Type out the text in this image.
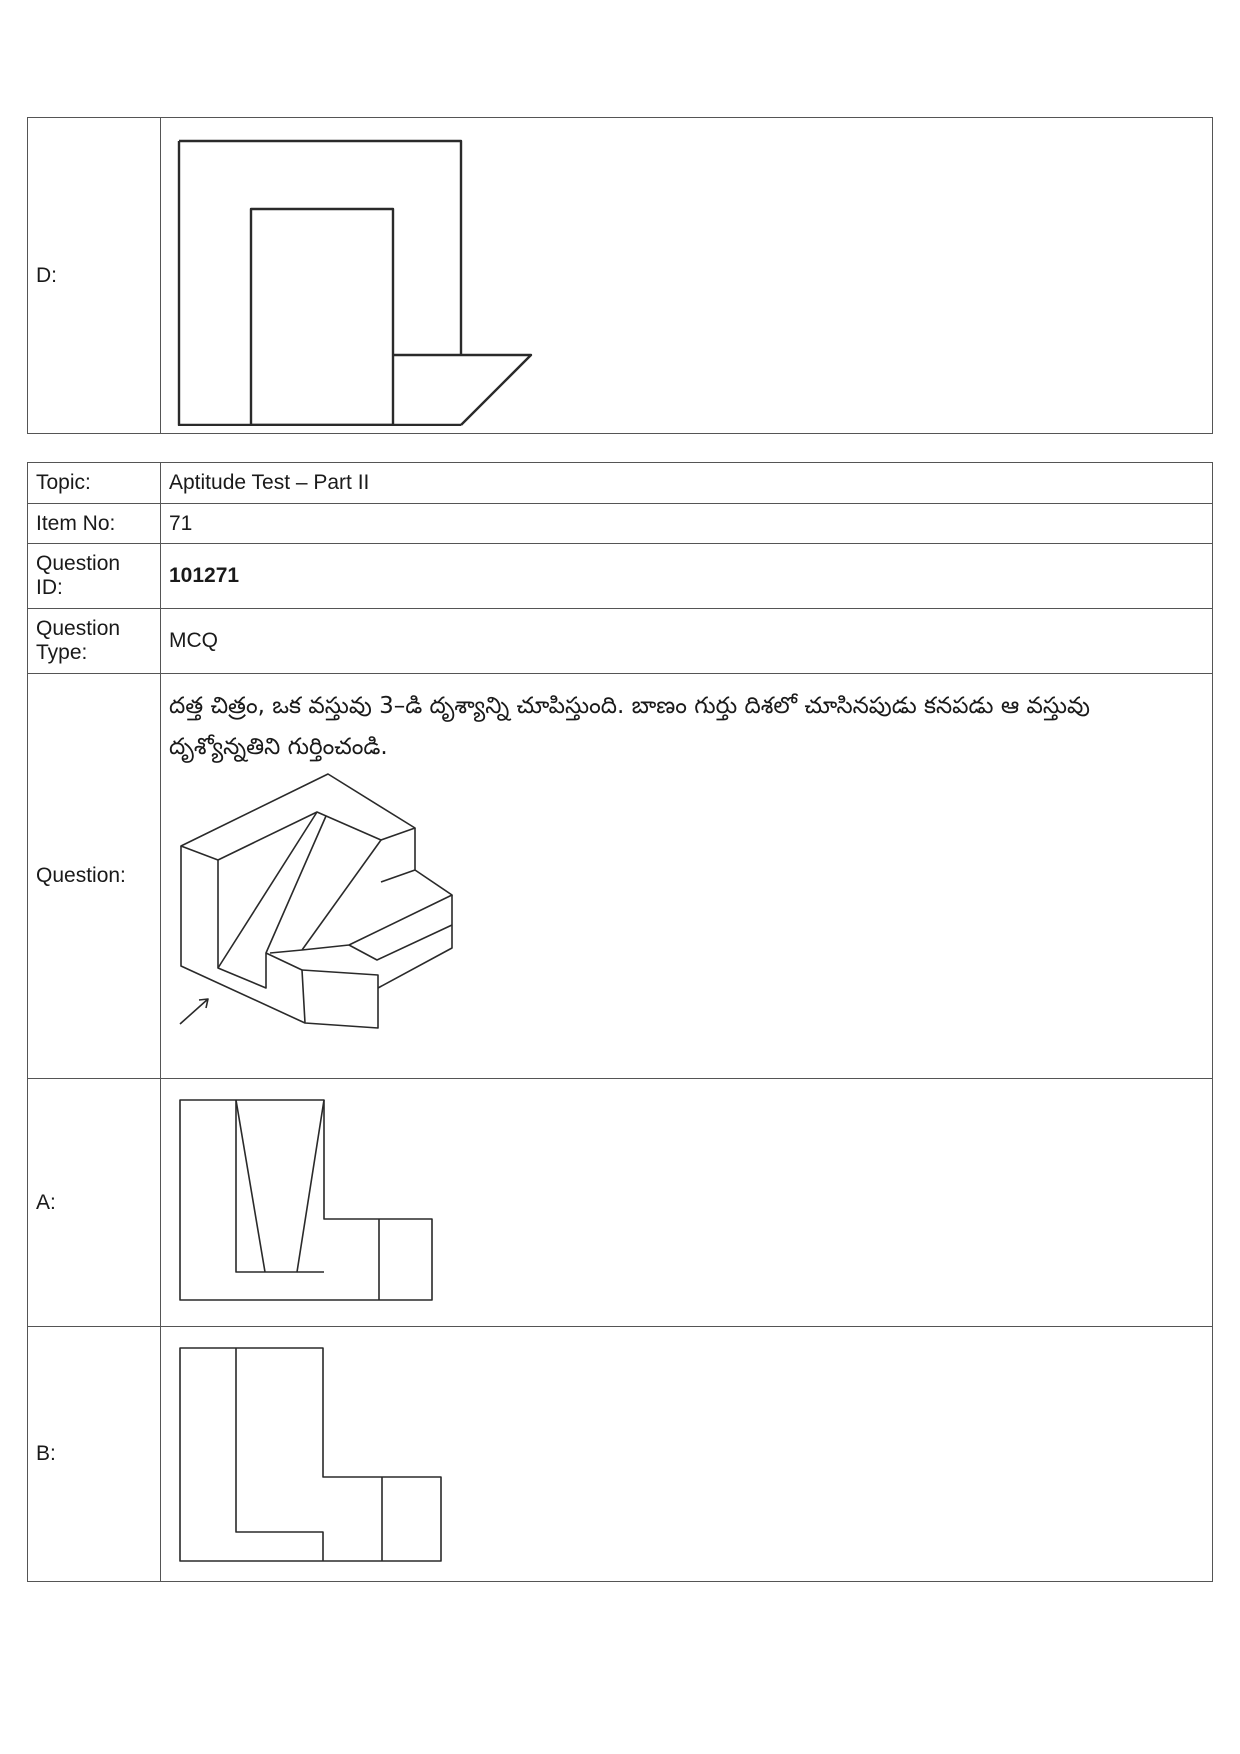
D:	
Topic:	Aptitude Test – Part II
Item No:	71
Question ID:	101271
Question Type:	MCQ
Question:	దత్త చిత్రం, ఒక వస్తువు 3–డి దృశ్యాన్ని చూపిస్తుంది. బాణం గుర్తు దిశలో చూసినపుడు కనపడు ఆ వస్తువు దృశ్యోన్నతిని గుర్తించండి.

A:	

B:	
